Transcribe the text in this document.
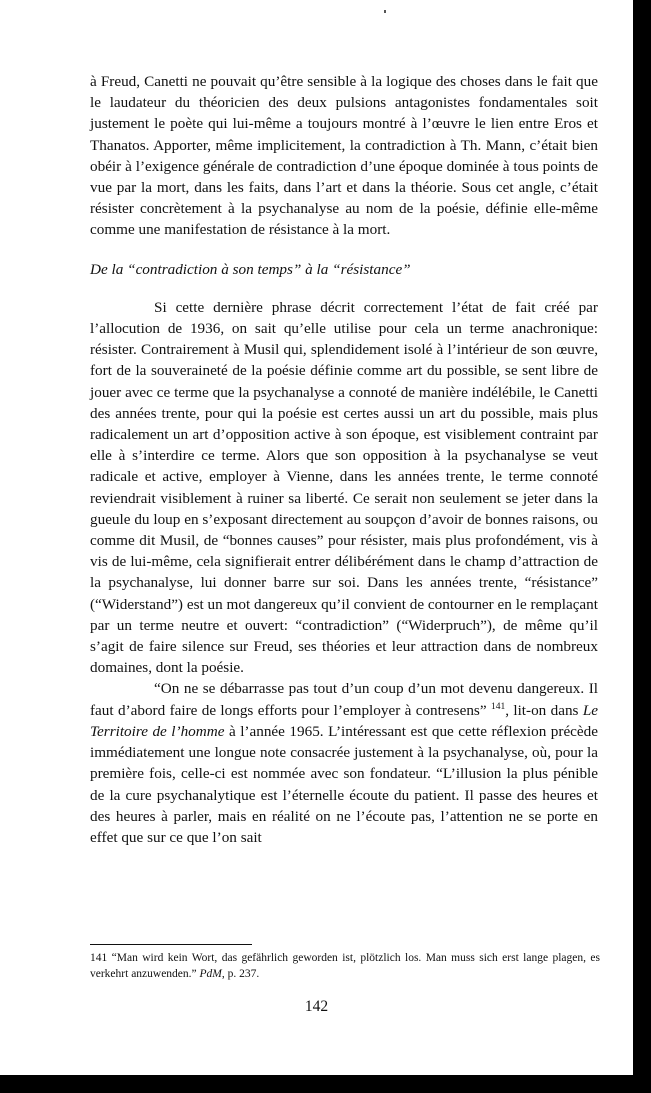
à Freud, Canetti ne pouvait qu’être sensible à la logique des choses dans le fait que le laudateur du théoricien des deux pulsions antagonistes fondamentales soit justement le poète qui lui-même a toujours montré à l’œuvre le lien entre Eros et Thanatos. Apporter, même implicitement, la contradiction à Th. Mann, c’était bien obéir à l’exigence générale de contradiction d’une époque dominée à tous points de vue par la mort, dans les faits, dans l’art et dans la théorie. Sous cet angle, c’était résister concrètement à la psychanalyse au nom de la poésie, définie elle-même comme une manifestation de résistance à la mort.

De la “contradiction à son temps” à la “résistance”

Si cette dernière phrase décrit correctement l’état de fait créé par l’allocution de 1936, on sait qu’elle utilise pour cela un terme anachronique: résister. Contrairement à Musil qui, splendidement isolé à l’intérieur de son œuvre, fort de la souveraineté de la poésie définie comme art du possible, se sent libre de jouer avec ce terme que la psychanalyse a connoté de manière indélébile, le Canetti des années trente, pour qui la poésie est certes aussi un art du possible, mais plus radicalement un art d’opposition active à son époque, est visiblement contraint par elle à s’interdire ce terme. Alors que son opposition à la psychanalyse se veut radicale et active, employer à Vienne, dans les années trente, le terme connoté reviendrait visiblement à ruiner sa liberté. Ce serait non seulement se jeter dans la gueule du loup en s’exposant directement au soupçon d’avoir de bonnes raisons, ou comme dit Musil, de “bonnes causes” pour résister, mais plus profondément, vis à vis de lui-même, cela signifierait entrer délibérément dans le champ d’attraction de la psychanalyse, lui donner barre sur soi. Dans les années trente, “résistance” (“Widerstand”) est un mot dangereux qu’il convient de contourner en le remplaçant par un terme neutre et ouvert: “contradiction” (“Widerpruch”), de même qu’il s’agit de faire silence sur Freud, ses théories et leur attraction dans de nombreux domaines, dont la poésie.

“On ne se débarrasse pas tout d’un coup d’un mot devenu dangereux. Il faut d’abord faire de longs efforts pour l’employer à contresens” $^{141}$, lit-on dans Le Territoire de l’homme à l’année 1965. L’intéressant est que cette réflexion précède immédiatement une longue note consacrée justement à la psychanalyse, où, pour la première fois, celle-ci est nommée avec son fondateur. “L’illusion la plus pénible de la cure psychanalytique est l’éternelle écoute du patient. Il passe des heures et des heures à parler, mais en réalité on ne l’écoute pas, l’attention ne se porte en effet que sur ce que l’on sait

141 “Man wird kein Wort, das gefährlich geworden ist, plötzlich los. Man muss sich erst lange plagen, es verkehrt anzuwenden.” PdM, p. 237.
142
